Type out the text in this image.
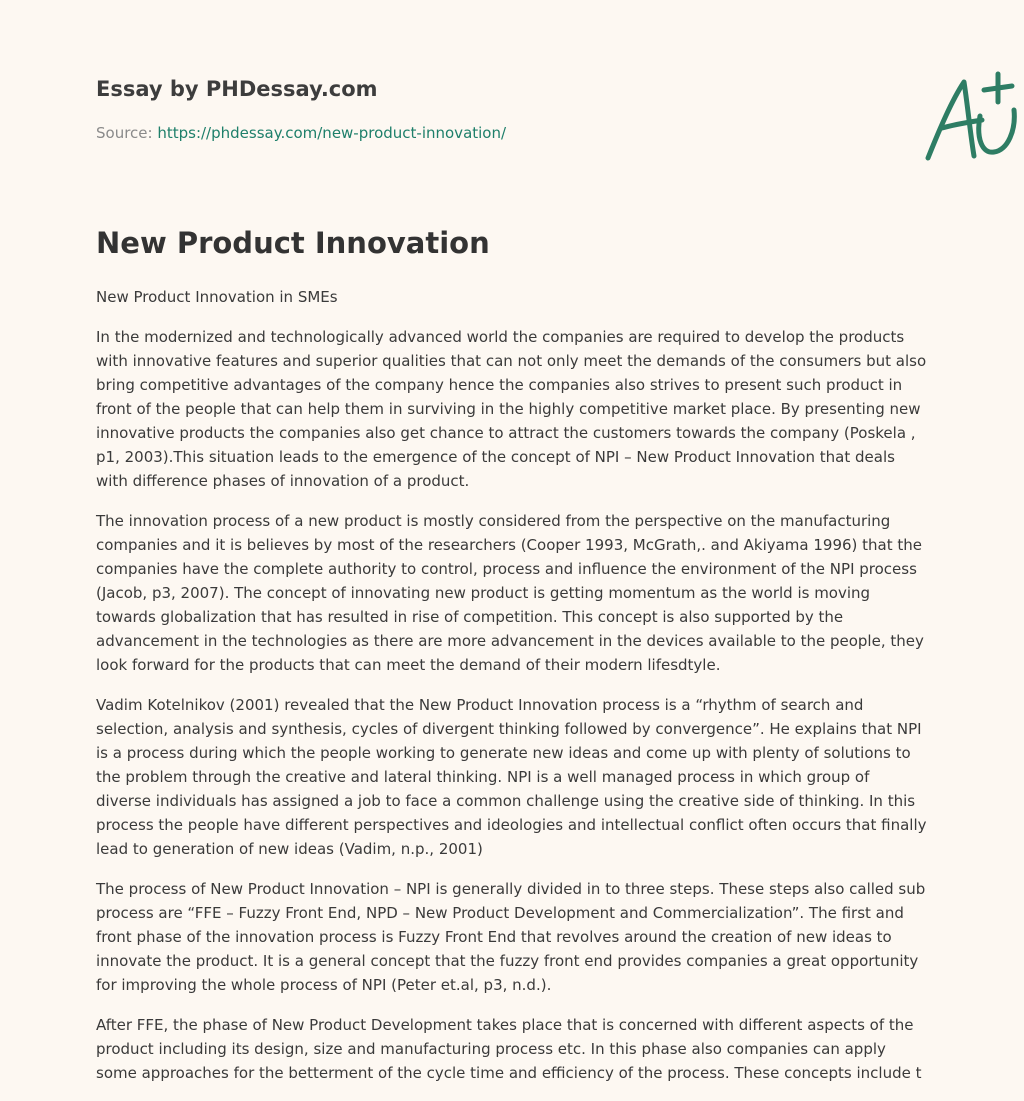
Essay by PHDessay.com
Source: https://phdessay.com/new-product-innovation/
New Product Innovation

New Product Innovation in SMEs

In the modernized and technologically advanced world the companies are required to develop the products with innovative features and superior qualities that can not only meet the demands of the consumers but also bring competitive advantages of the company hence the companies also strives to present such product in front of the people that can help them in surviving in the highly competitive market place. By presenting new innovative products the companies also get chance to attract the customers towards the company (Poskela , p1, 2003).This situation leads to the emergence of the concept of NPI – New Product Innovation that deals with difference phases of innovation of a product.

The innovation process of a new product is mostly considered from the perspective on the manufacturing companies and it is believes by most of the researchers (Cooper 1993, McGrath,. and Akiyama 1996) that the companies have the complete authority to control, process and influence the environment of the NPI process (Jacob, p3, 2007). The concept of innovating new product is getting momentum as the world is moving towards globalization that has resulted in rise of competition. This concept is also supported by the advancement in the technologies as there are more advancement in the devices available to the people, they look forward for the products that can meet the demand of their modern lifesdtyle.

Vadim Kotelnikov (2001) revealed that the New Product Innovation process is a “rhythm of search and selection, analysis and synthesis, cycles of divergent thinking followed by convergence”. He explains that NPI is a process during which the people working to generate new ideas and come up with plenty of solutions to the problem through the creative and lateral thinking. NPI is a well managed process in which group of diverse individuals has assigned a job to face a common challenge using the creative side of thinking. In this process the people have different perspectives and ideologies and intellectual conflict often occurs that finally lead to generation of new ideas (Vadim, n.p., 2001)

The process of New Product Innovation – NPI is generally divided in to three steps. These steps also called sub process are “FFE – Fuzzy Front End, NPD – New Product Development and Commercialization”. The first and front phase of the innovation process is Fuzzy Front End that revolves around the creation of new ideas to innovate the product. It is a general concept that the fuzzy front end provides companies a great opportunity for improving the whole process of NPI (Peter et.al, p3, n.d.).

After FFE, the phase of New Product Development takes place that is concerned with different aspects of the product including its design, size and manufacturing process etc. In this phase also companies can apply some approaches for the betterment of the cycle time and efficiency of the process. These concepts include t
